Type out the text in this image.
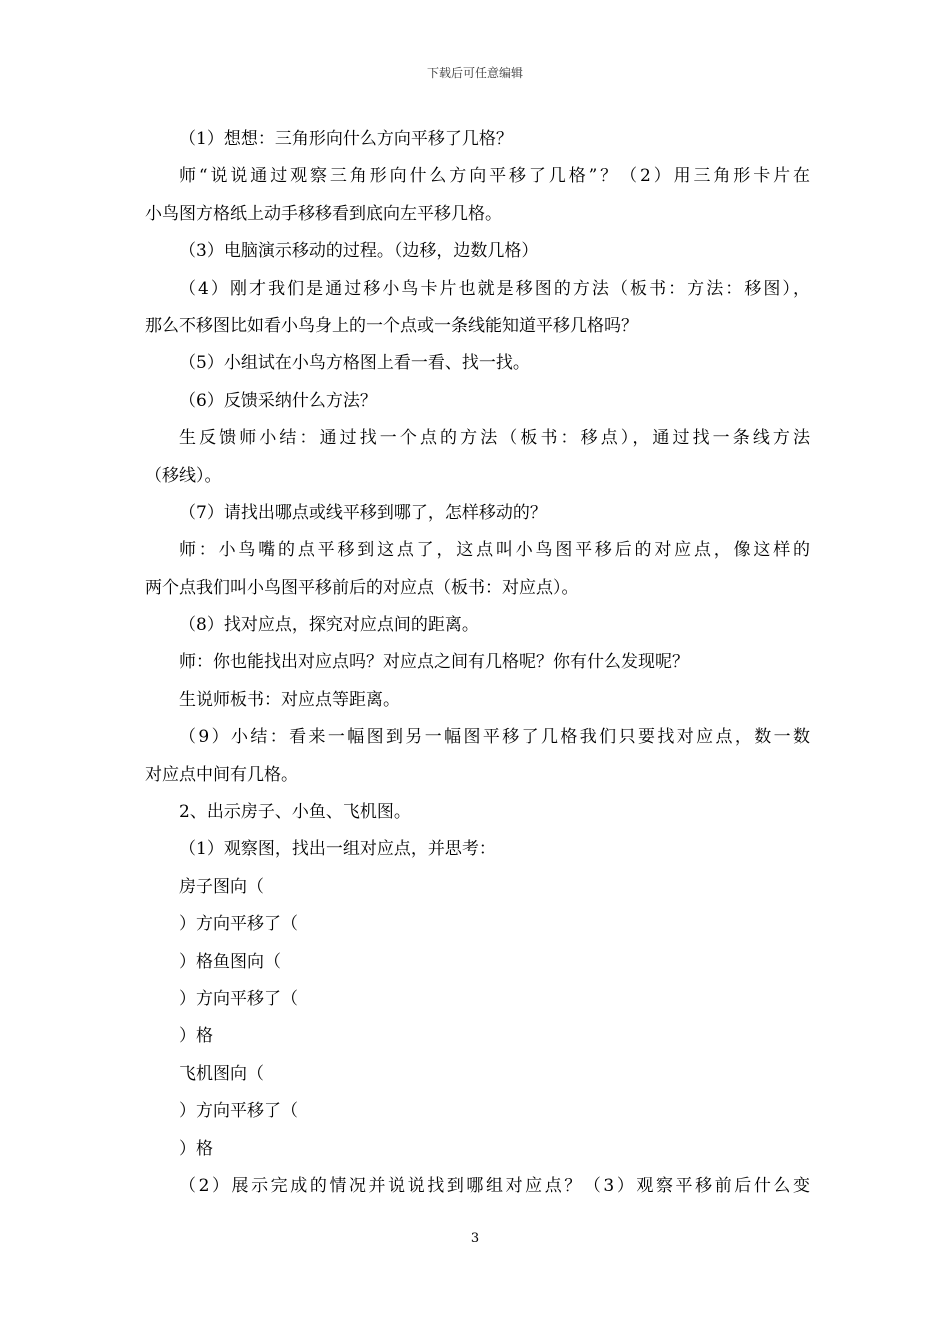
下载后可任意编辑
（1）想想：三角形向什么方向平移了几格？
师“说说通过观察三角形向什么方向平移了几格”？（2）用三角形卡片在
小鸟图方格纸上动手移移看到底向左平移几格。
（3）电脑演示移动的过程。（边移，边数几格）
（4）刚才我们是通过移小鸟卡片也就是移图的方法（板书：方法：移图），
那么不移图比如看小鸟身上的一个点或一条线能知道平移几格吗？
（5）小组试在小鸟方格图上看一看、找一找。
（6）反馈采纳什么方法？
生反馈师小结：通过找一个点的方法（板书：移点），通过找一条线方法
（移线）。
（7）请找出哪点或线平移到哪了，怎样移动的？
师：小鸟嘴的点平移到这点了，这点叫小鸟图平移后的对应点，像这样的
两个点我们叫小鸟图平移前后的对应点（板书：对应点）。
（8）找对应点，探究对应点间的距离。
师：你也能找出对应点吗？对应点之间有几格呢？你有什么发现呢？
生说师板书：对应点等距离。
（9）小结：看来一幅图到另一幅图平移了几格我们只要找对应点，数一数
对应点中间有几格。
2、出示房子、小鱼、飞机图。
（1）观察图，找出一组对应点，并思考：
房子图向（
）方向平移了（
）格鱼图向（
）方向平移了（
）格
飞机图向（
）方向平移了（
）格
（2）展示完成的情况并说说找到哪组对应点？（3）观察平移前后什么变
3
